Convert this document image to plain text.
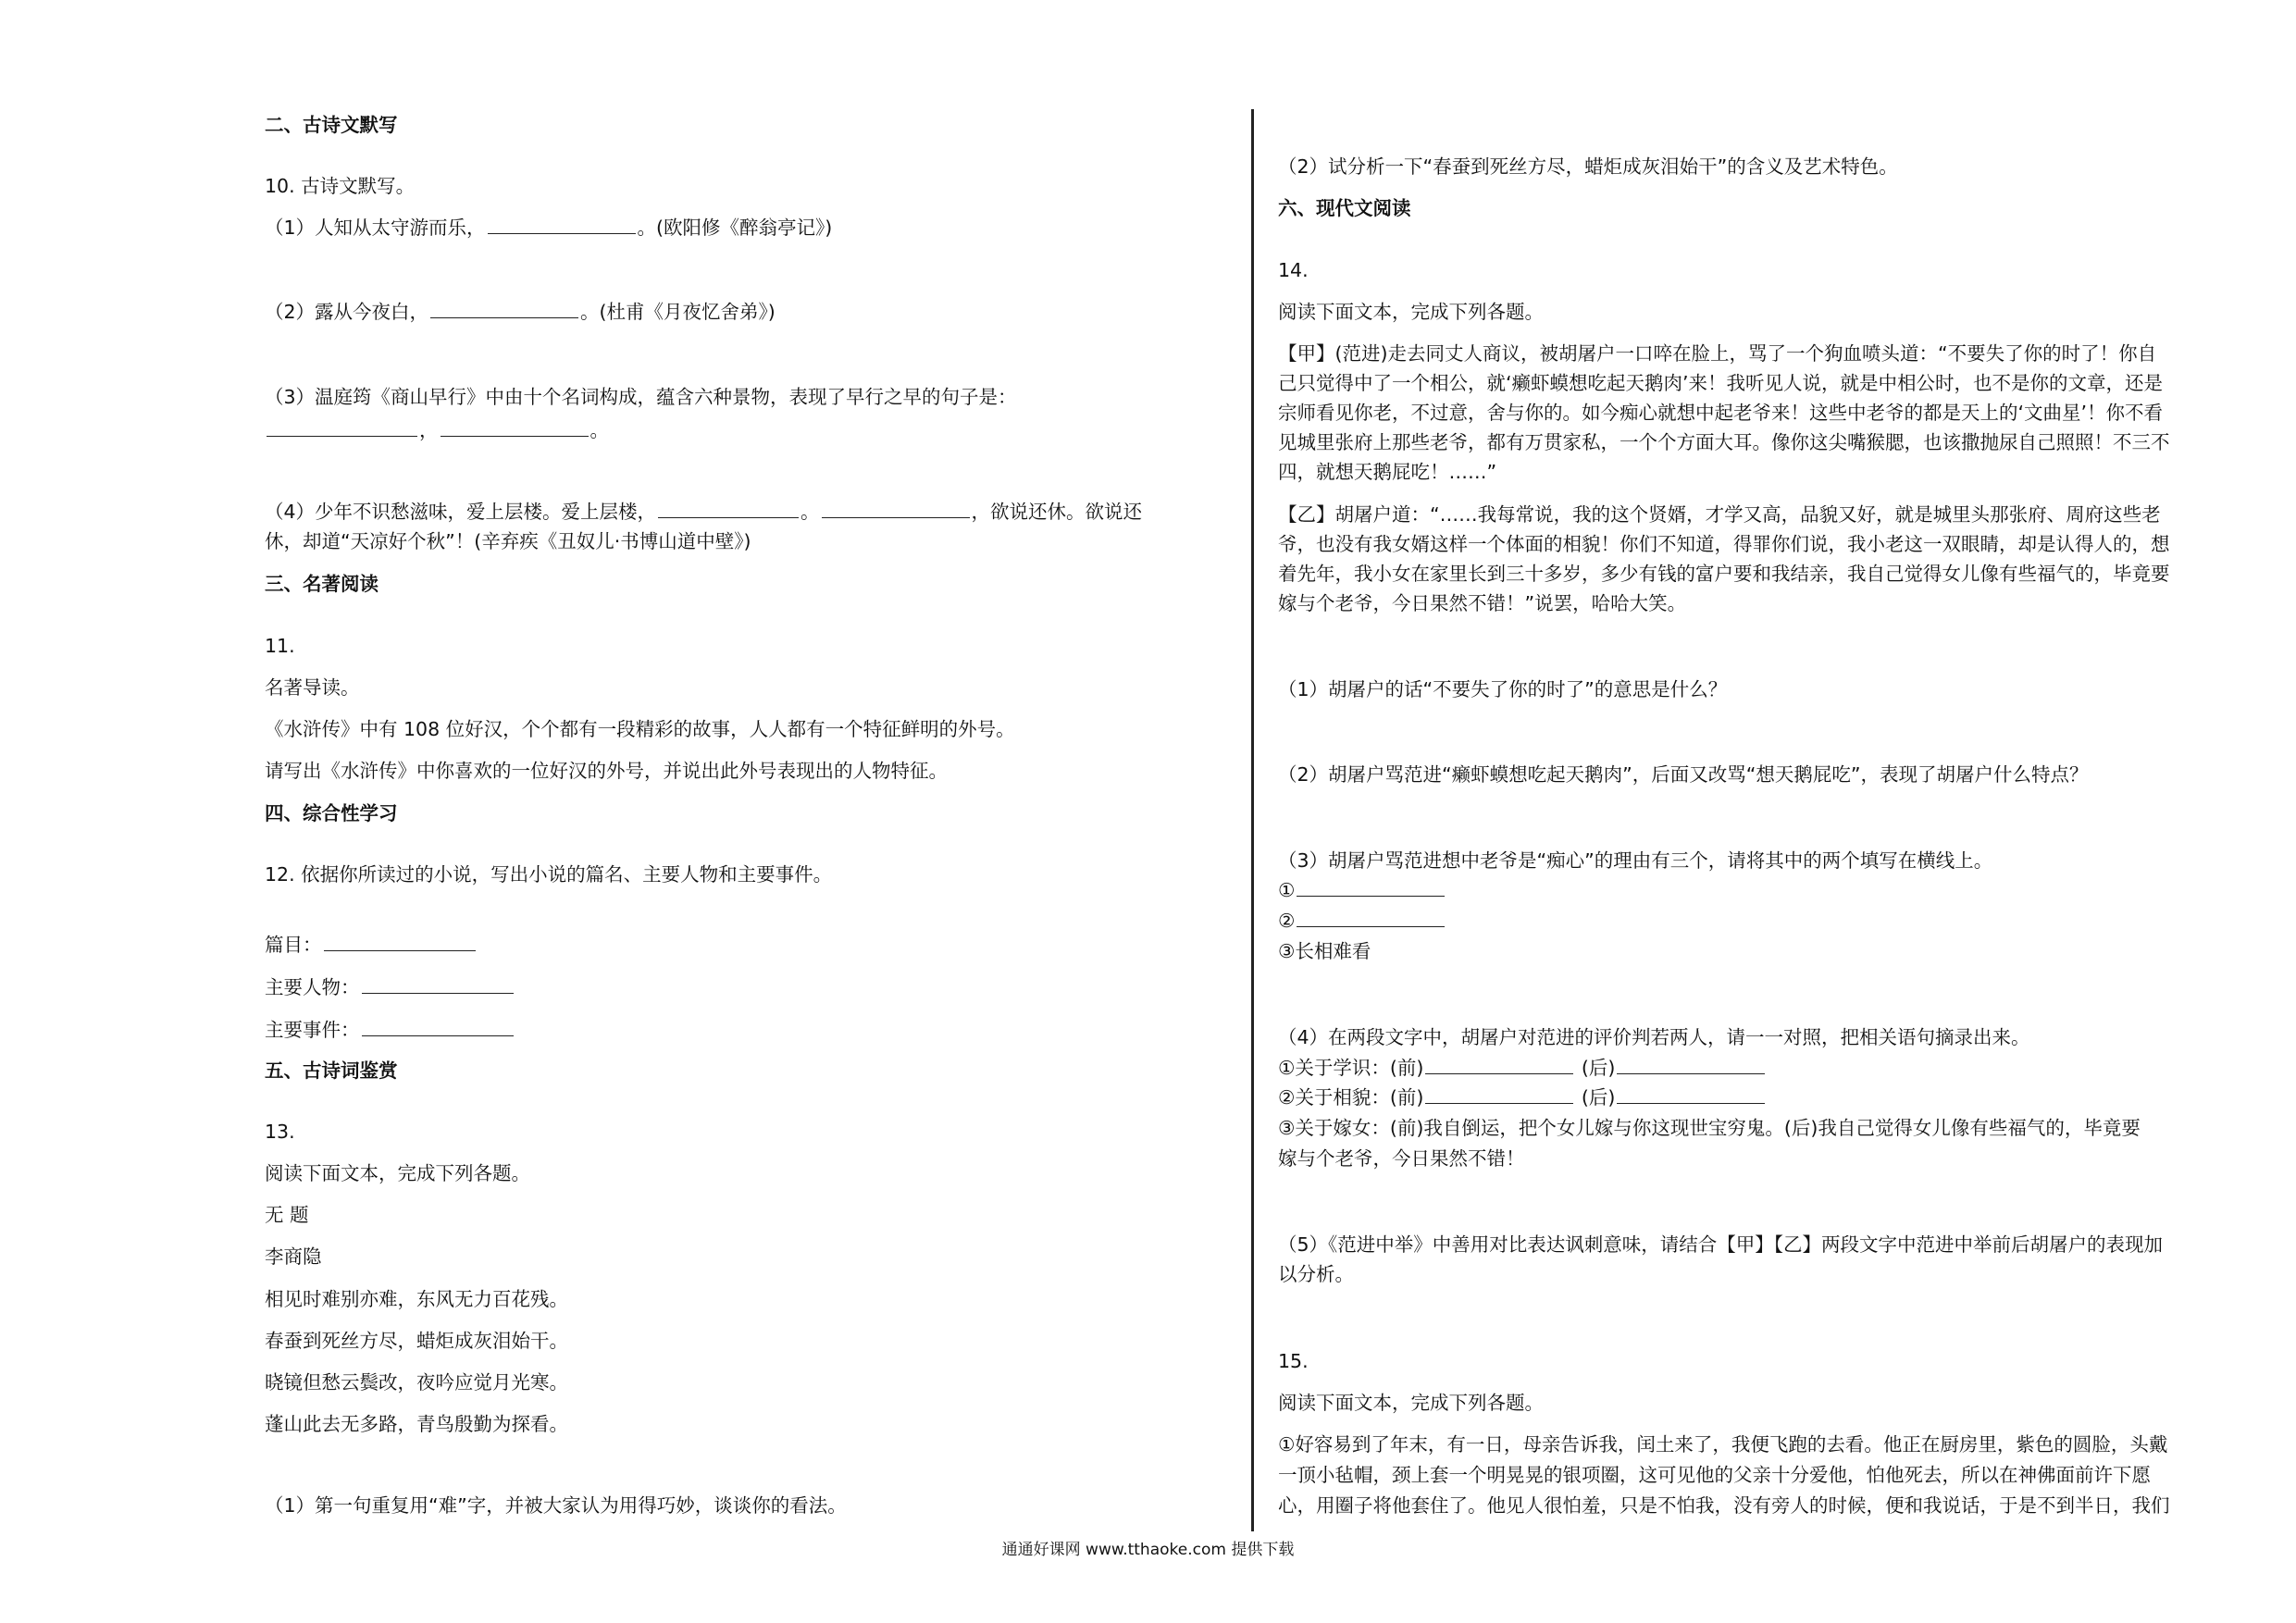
二、古诗文默写
10. 古诗文默写。
（1）人知从太守游而乐，	。(欧阳修《醉翁亭记》)
（2）露从今夜白，	。(杜甫《月夜忆舍弟》)
（3）温庭筠《商山早行》中由十个名词构成，蕴含六种景物，表现了早行之早的句子是：
，	。
（4）少年不识愁滋味，爱上层楼。爱上层楼，	。	，欲说还休。欲说还
休，却道“天凉好个秋”！(辛弃疾《丑奴儿·书博山道中壁》)
三、名著阅读
11.
名著导读。
《水浒传》中有 108 位好汉，个个都有一段精彩的故事，人人都有一个特征鲜明的外号。
请写出《水浒传》中你喜欢的一位好汉的外号，并说出此外号表现出的人物特征。
四、综合性学习
12. 依据你所读过的小说，写出小说的篇名、主要人物和主要事件。
篇目：
主要人物：
主要事件：
五、古诗词鉴赏
13.
阅读下面文本，完成下列各题。
无 题
李商隐
相见时难别亦难，东风无力百花残。
春蚕到死丝方尽，蜡炬成灰泪始干。
晓镜但愁云鬓改，夜吟应觉月光寒。
蓬山此去无多路，青鸟殷勤为探看。
（1）第一句重复用“难”字，并被大家认为用得巧妙，谈谈你的看法。
（2）试分析一下“春蚕到死丝方尽，蜡炬成灰泪始干”的含义及艺术特色。
六、现代文阅读
14.
阅读下面文本，完成下列各题。
【甲】(范进)走去同丈人商议，被胡屠户一口啐在脸上，骂了一个狗血喷头道：“不要失了你的时了！你自
己只觉得中了一个相公，就‘癞虾蟆想吃起天鹅肉’来！我听见人说，就是中相公时，也不是你的文章，还是
宗师看见你老，不过意，舍与你的。如今痴心就想中起老爷来！这些中老爷的都是天上的‘文曲星’！你不看
见城里张府上那些老爷，都有万贯家私，一个个方面大耳。像你这尖嘴猴腮，也该撒抛尿自己照照！不三不
四，就想天鹅屁吃！……”
【乙】胡屠户道：“……我每常说，我的这个贤婿，才学又高，品貌又好，就是城里头那张府、周府这些老
爷，也没有我女婿这样一个体面的相貌！你们不知道，得罪你们说，我小老这一双眼睛，却是认得人的，想
着先年，我小女在家里长到三十多岁，多少有钱的富户要和我结亲，我自己觉得女儿像有些福气的，毕竟要
嫁与个老爷，今日果然不错！”说罢，哈哈大笑。
（1）胡屠户的话“不要失了你的时了”的意思是什么？
（2）胡屠户骂范进“癞虾蟆想吃起天鹅肉”，后面又改骂“想天鹅屁吃”，表现了胡屠户什么特点？
（3）胡屠户骂范进想中老爷是“痴心”的理由有三个，请将其中的两个填写在横线上。
①
②
③长相难看
（4）在两段文字中，胡屠户对范进的评价判若两人，请一一对照，把相关语句摘录出来。
①关于学识：(前)	(后)
②关于相貌：(前)	(后)
③关于嫁女：(前)我自倒运，把个女儿嫁与你这现世宝穷鬼。(后)我自己觉得女儿像有些福气的，毕竟要
嫁与个老爷，今日果然不错！
（5）《范进中举》中善用对比表达讽刺意味，请结合【甲】【乙】两段文字中范进中举前后胡屠户的表现加
以分析。
15.
阅读下面文本，完成下列各题。
①好容易到了年末，有一日，母亲告诉我，闰土来了，我便飞跑的去看。他正在厨房里，紫色的圆脸，头戴
一顶小毡帽，颈上套一个明晃晃的银项圈，这可见他的父亲十分爱他，怕他死去，所以在神佛面前许下愿
心，用圈子将他套住了。他见人很怕羞，只是不怕我，没有旁人的时候，便和我说话，于是不到半日，我们
通通好课网 www.tthaoke.com 提供下载
